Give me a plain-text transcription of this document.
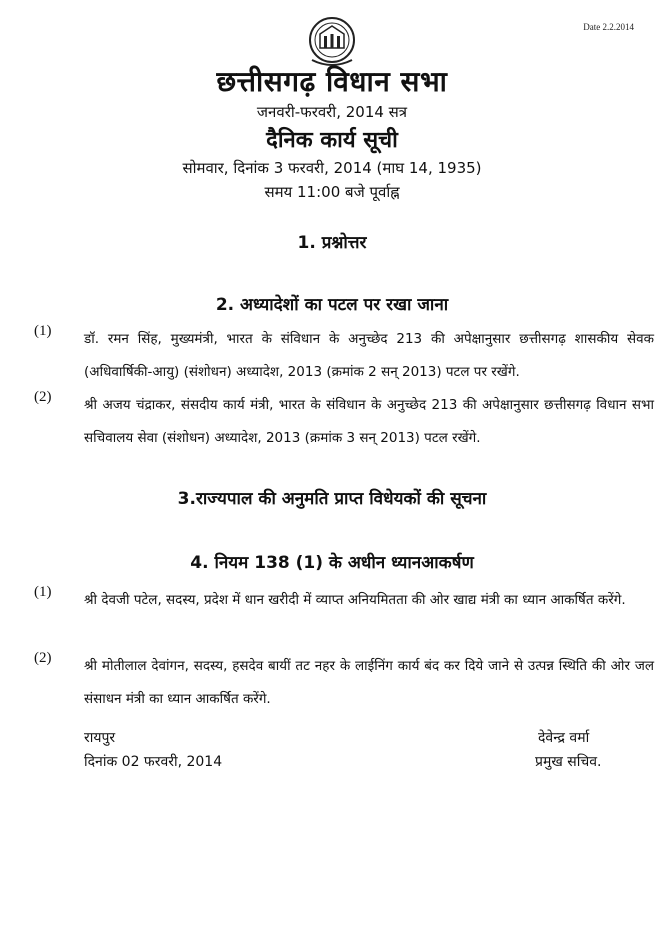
Date 2.2.2014
छत्तीसगढ़ विधान सभा
जनवरी-फरवरी, 2014 सत्र
दैनिक कार्य सूची
सोमवार, दिनांक 3 फरवरी, 2014 (माघ 14, 1935)
समय 11:00 बजे पूर्वाह्न
1. प्रश्नोत्तर
2. अध्यादेशों का पटल पर रखा जाना
(1) डॉ. रमन सिंह, मुख्यमंत्री, भारत के संविधान के अनुच्छेद 213 की अपेक्षानुसार छत्तीसगढ़ शासकीय सेवक (अधिवार्षिकी-आयु) (संशोधन) अध्यादेश, 2013 (क्रमांक 2 सन् 2013) पटल पर रखेंगे.
(2) श्री अजय चंद्राकर, संसदीय कार्य मंत्री, भारत के संविधान के अनुच्छेद 213 की अपेक्षानुसार छत्तीसगढ़ विधान सभा सचिवालय सेवा (संशोधन) अध्यादेश, 2013 (क्रमांक 3 सन् 2013) पटल रखेंगे.
3.राज्यपाल की अनुमति प्राप्त विधेयकों की सूचना
4. नियम 138 (1) के अधीन ध्यानआकर्षण
(1) श्री देवजी पटेल, सदस्य, प्रदेश में धान खरीदी में व्याप्त अनियमितता की ओर खाद्य मंत्री का ध्यान आकर्षित करेंगे.
(2) श्री मोतीलाल देवांगन, सदस्य, हसदेव बायीं तट नहर के लाईनिंग कार्य बंद कर दिये जाने से उत्पन्न स्थिति की ओर जल संसाधन मंत्री का ध्यान आकर्षित करेंगे.
रायपुर
दिनांक 02 फरवरी, 2014
देवेन्द्र वर्मा
प्रमुख सचिव.
